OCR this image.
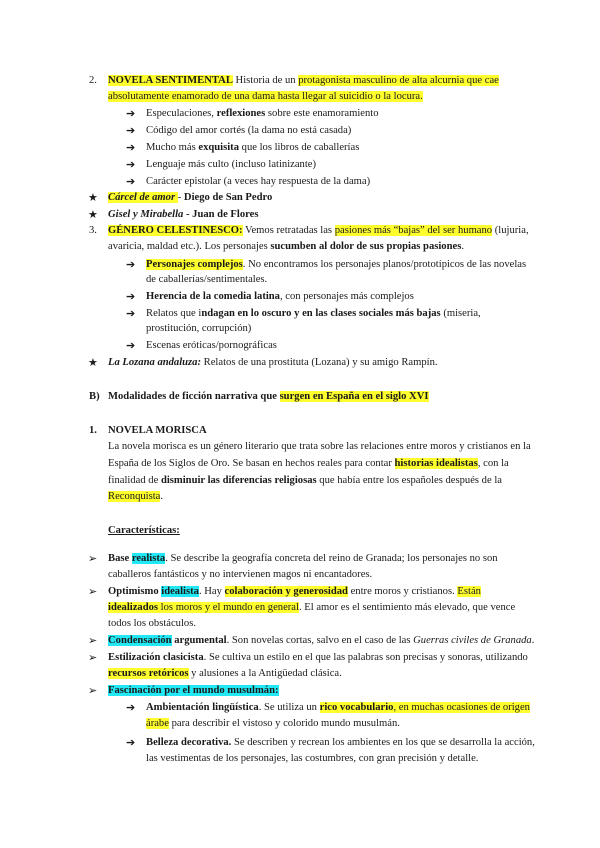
2. NOVELA SENTIMENTAL Historia de un protagonista masculino de alta alcurnia que cae
absolutamente enamorado de una dama hasta llegar al suicidio o la locura.
➔ Especulaciones, reflexiones sobre este enamoramiento
➔ Código del amor cortés (la dama no está casada)
➔ Mucho más exquisita que los libros de caballerías
➔ Lenguaje más culto (incluso latinizante)
➔ Carácter epistolar (a veces hay respuesta de la dama)
★ Cárcel de amor - Diego de San Pedro
★ Gisel y Mirabella - Juan de Flores
3. GÉNERO CELESTINESCO: Vemos retratadas las pasiones más “bajas” del ser humano (lujuria,
avaricia, maldad etc.). Los personajes sucumben al dolor de sus propias pasiones.
➔ Personajes complejos. No encontramos los personajes planos/prototípicos de las novelas
de caballerías/sentimentales.
➔ Herencia de la comedia latina, con personajes más complejos
➔ Relatos que indagan en lo oscuro y en las clases sociales más bajas (miseria,
prostitución, corrupción)
➔ Escenas eróticas/pornográficas
★ La Lozana andaluza: Relatos de una prostituta (Lozana) y su amigo Rampín.
B) Modalidades de ficción narrativa que surgen en España en el siglo XVI
1. NOVELA MORISCA
La novela morisca es un género literario que trata sobre las relaciones entre moros y cristianos en la
España de los Siglos de Oro. Se basan en hechos reales para contar historias idealistas, con la
finalidad de disminuir las diferencias religiosas que había entre los españoles después de la
Reconquista.
Características:
➢ Base realista. Se describe la geografía concreta del reino de Granada; los personajes no son
caballeros fantásticos y no intervienen magos ni encantadores.
➢ Optimismo idealista. Hay colaboración y generosidad entre moros y cristianos. Están
idealizados los moros y el mundo en general. El amor es el sentimiento más elevado, que vence
todos los obstáculos.
➢ Condensación argumental. Son novelas cortas, salvo en el caso de las Guerras civiles de Granada.
➢ Estilización clasicista. Se cultiva un estilo en el que las palabras son precisas y sonoras, utilizando
recursos retóricos y alusiones a la Antigüedad clásica.
➢ Fascinación por el mundo musulmán:
➔ Ambientación lingüística. Se utiliza un rico vocabulario, en muchas ocasiones de origen
árabe para describir el vistoso y colorido mundo musulmán.
➔ Belleza decorativa. Se describen y recrean los ambientes en los que se desarrolla la acción,
las vestimentas de los personajes, las costumbres, con gran precisión y detalle.
